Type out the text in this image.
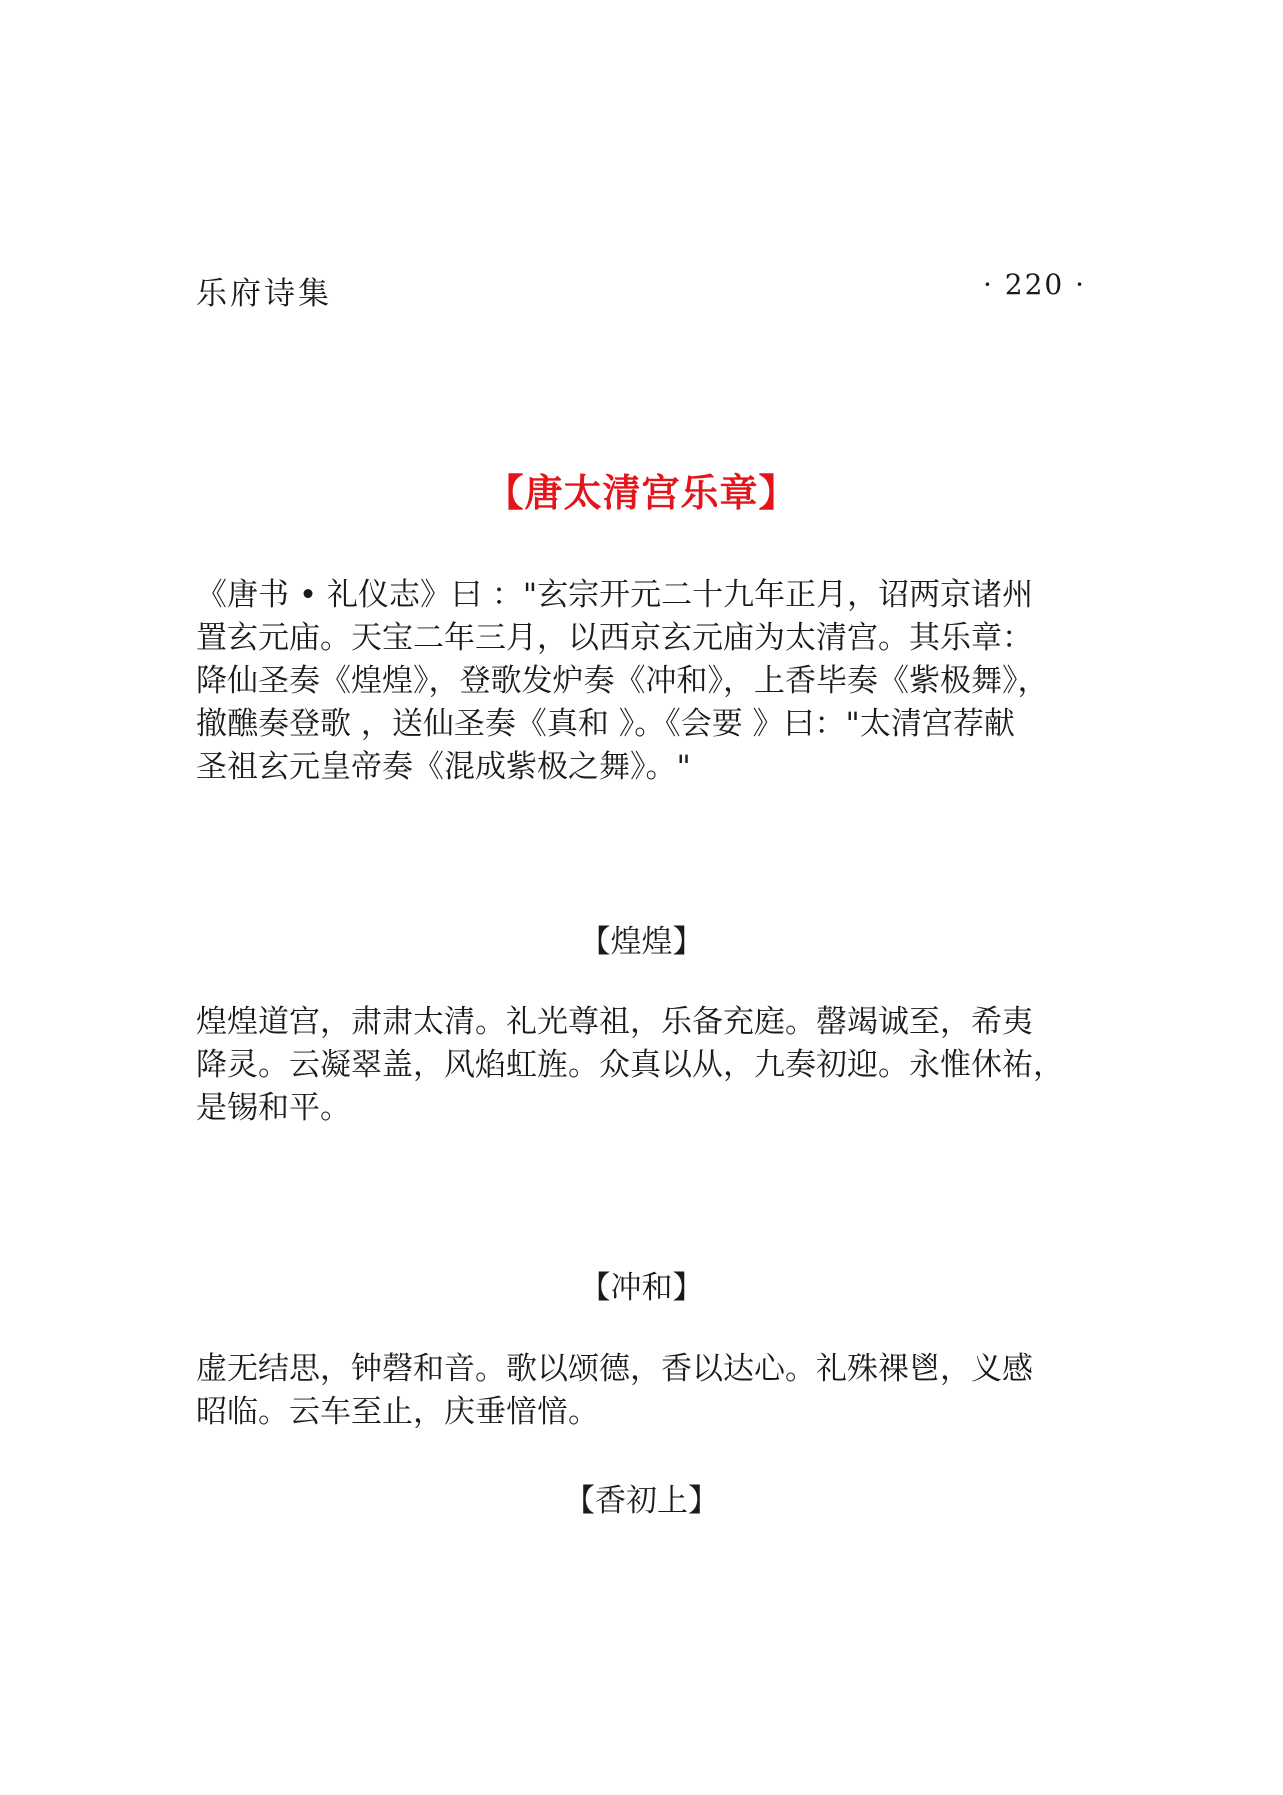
乐府诗集	· 220 ·
【唐太清宫乐章】

《唐书 • 礼仪志》曰 ："玄宗开元二十九年正月，诏两京诸州

置玄元庙。天宝二年三月，以西京玄元庙为太清宫。其乐章：

降仙圣奏《煌煌》，登歌发炉奏《冲和》，上香毕奏《紫极舞》，

撤醮奏登歌 ，送仙圣奏《真和 》。《会要 》曰："太清宫荐献

圣祖玄元皇帝奏《混成紫极之舞》。"

【煌煌】

煌煌道宫，肃肃太清。礼光尊祖，乐备充庭。罄竭诚至，希夷

降灵。云凝翠盖，风焰虹旌。众真以从，九奏初迎。永惟休祐，

是锡和平。

【冲和】

虚无结思，钟磬和音。歌以颂德，香以达心。礼殊祼鬯，义感

昭临。云车至止，庆垂愔愔。

【香初上】
